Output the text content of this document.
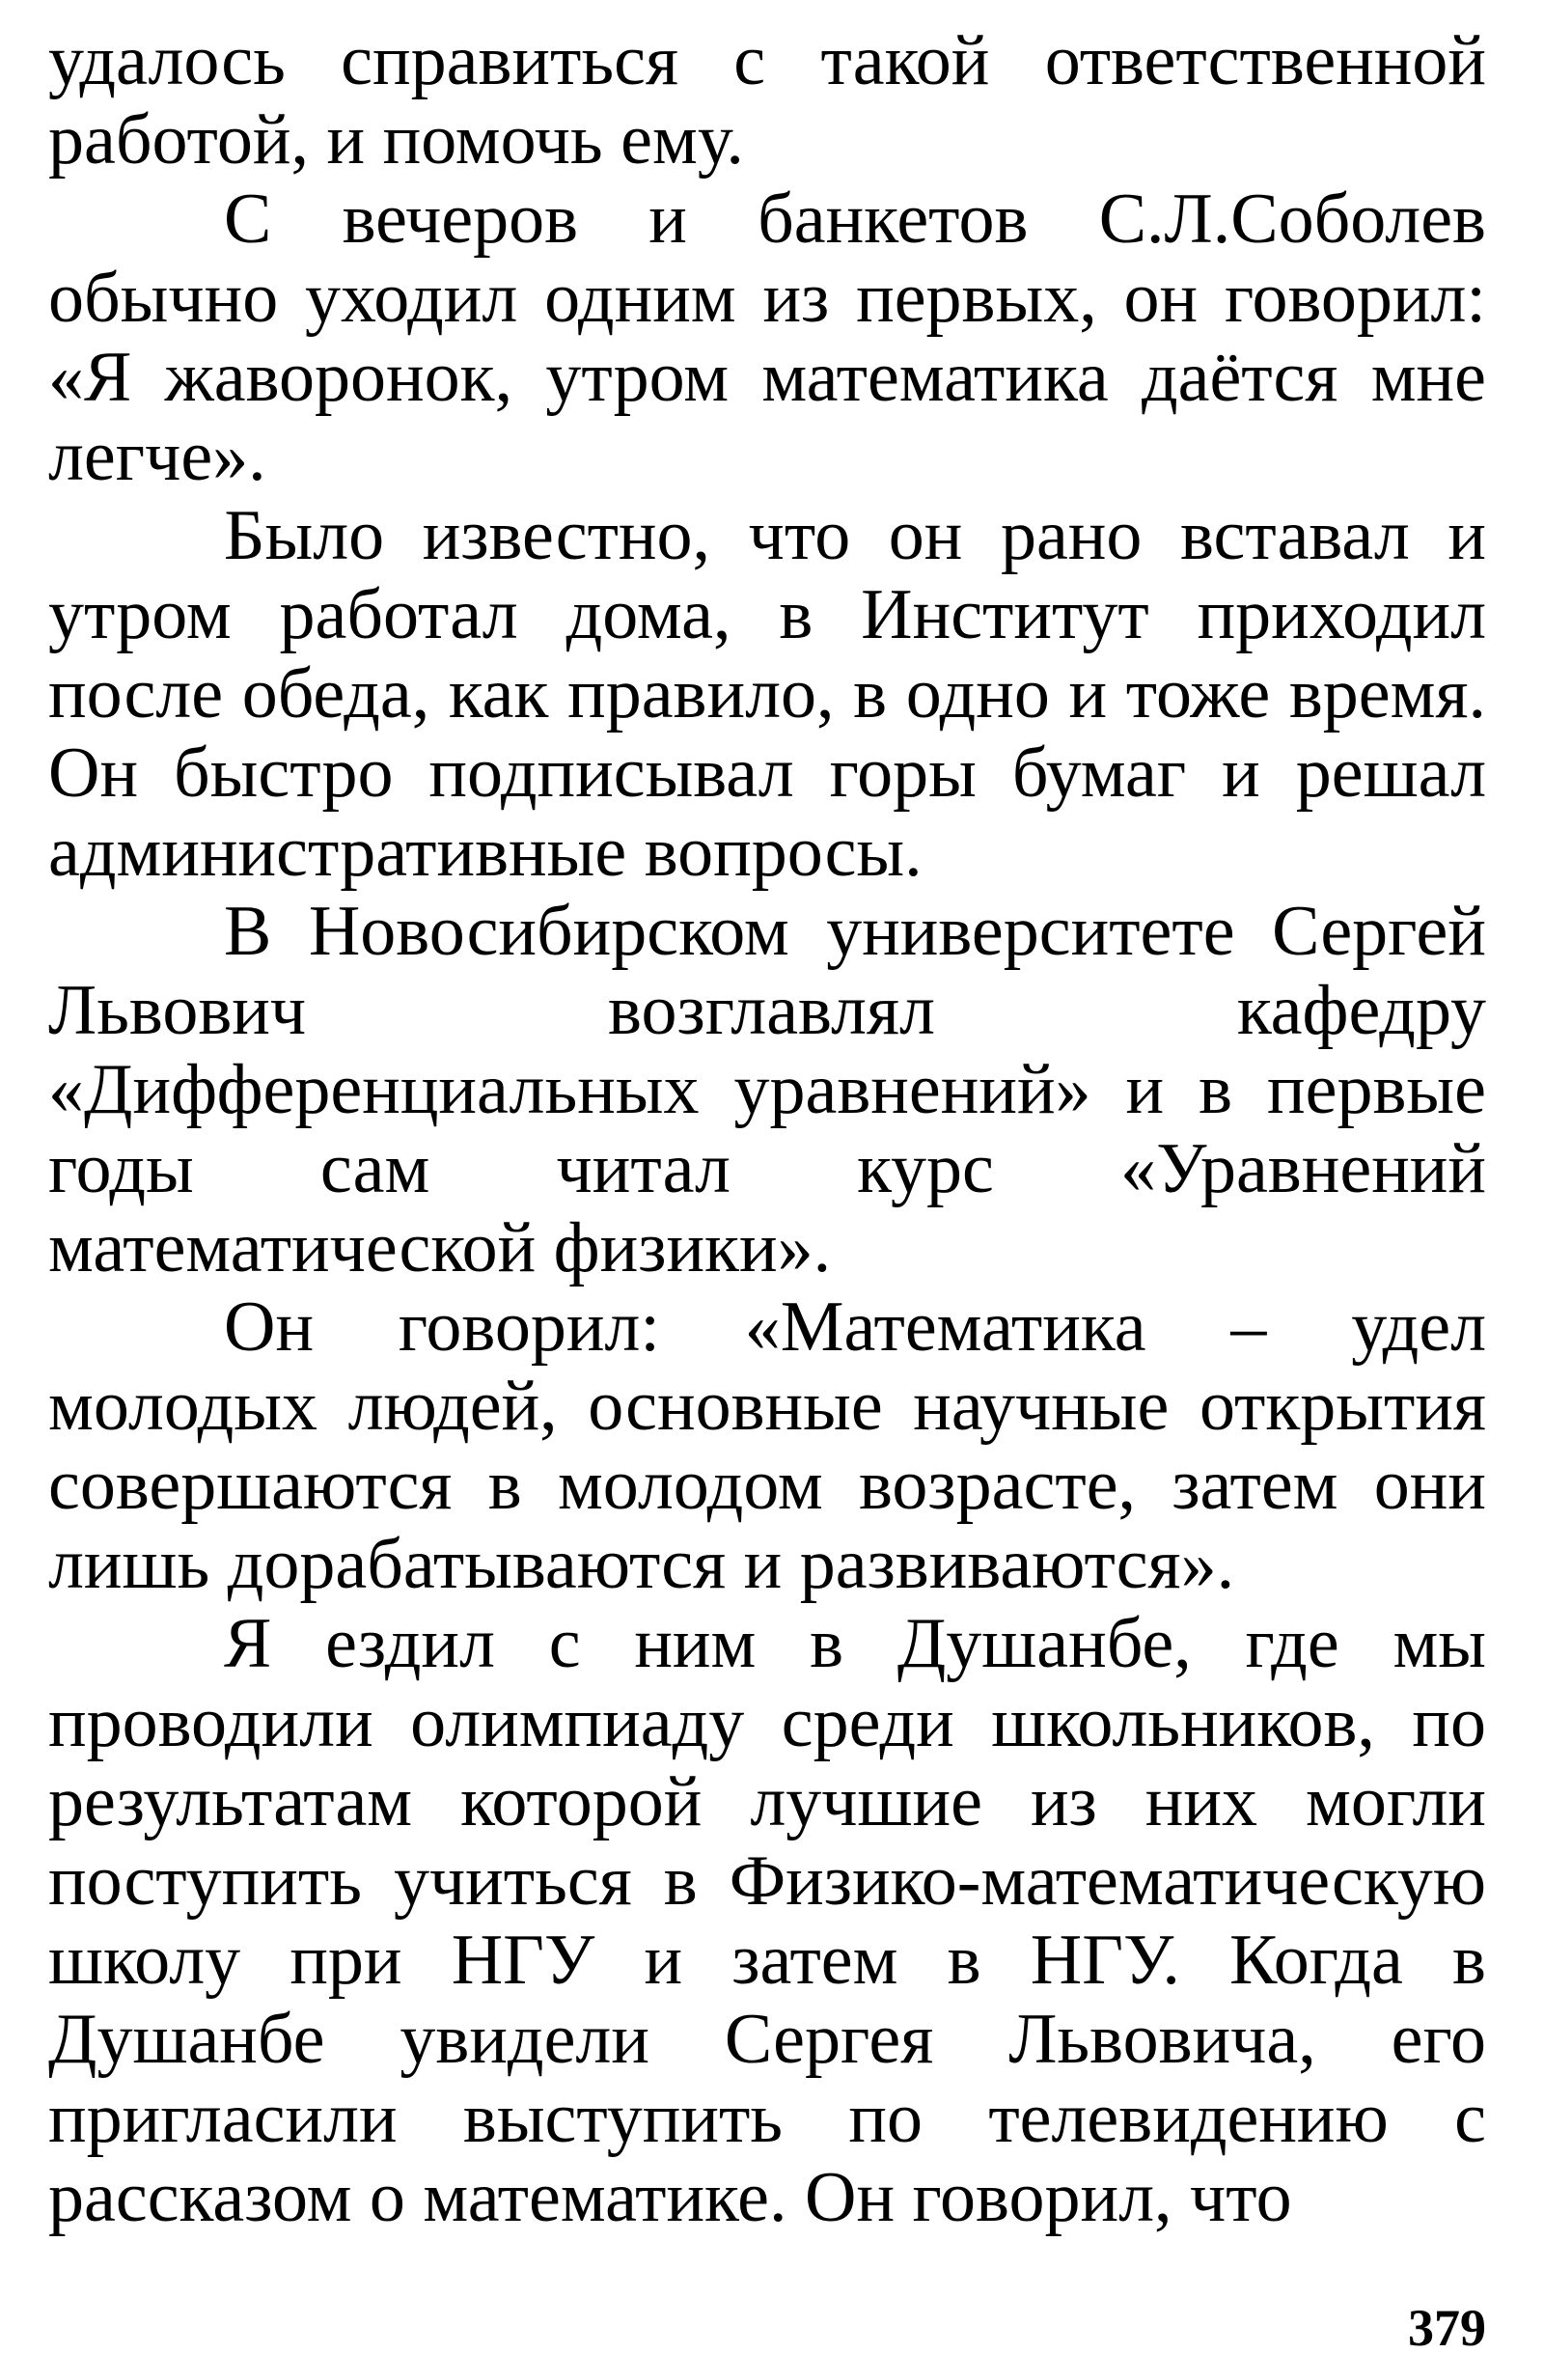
удалось справиться с такой ответственной работой, и помочь ему.

С вечеров и банкетов С.Л.Соболев обычно уходил одним из первых, он говорил: «Я жаворонок, утром математика даётся мне легче».

Было известно, что он рано вставал и утром работал дома, в Институт приходил после обеда, как правило, в одно и тоже время. Он быстро подписывал горы бумаг и решал административные вопросы.

В Новосибирском университете Сергей Львович возглавлял кафедру «Дифференциальных уравнений» и в первые годы сам читал курс «Уравнений математической физики».

Он говорил: «Математика – удел молодых людей, основные научные открытия совершаются в молодом возрасте, затем они лишь дорабатываются и развиваются».

Я ездил с ним в Душанбе, где мы проводили олимпиаду среди школьников, по результатам которой лучшие из них могли поступить учиться в Физико-математическую школу при НГУ и затем в НГУ. Когда в Душанбе увидели Сергея Львовича, его пригласили выступить по телевидению с рассказом о математике. Он говорил, что

379
